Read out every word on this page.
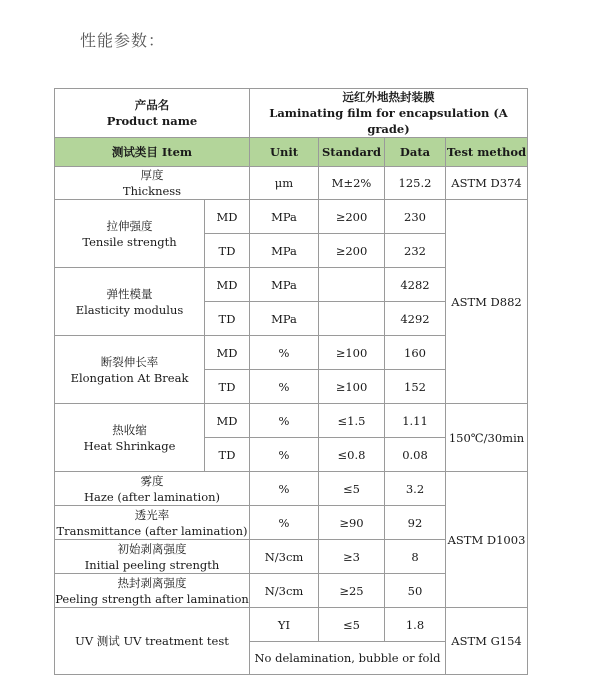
性能参数：
产品名
Product name		远红外地热封装膜
Laminating film for encapsulation (A grade)			

测试类目 Item		Unit	Standard	Data	Test method

厚度
Thickness		μm	M±2%	125.2	ASTM D374

拉伸强度
Tensile strength	MD	MPa	≥200	230	ASTM D882
	TD	MPa	≥200	232	

弹性模量
Elasticity modulus	MD	MPa		4282	
	TD	MPa		4292	

断裂伸长率
Elongation At Break	MD	%	≥100	160	
	TD	%	≥100	152	

热收缩
Heat Shrinkage	MD	%	≤1.5	1.11	150℃/30min
	TD	%	≤0.8	0.08	

雾度
Haze (after lamination)		%	≤5	3.2	ASTM D1003

透光率
Transmittance (after lamination)		%	≥90	92	

初始剥离强度
Initial peeling strength		N/3cm	≥3	8	

热封剥离强度
Peeling strength after lamination		N/3cm	≥25	50	
UV 测试 UV treatment test		YI	≤5	1.8	ASTM G154
		No delamination, bubble or fold			
